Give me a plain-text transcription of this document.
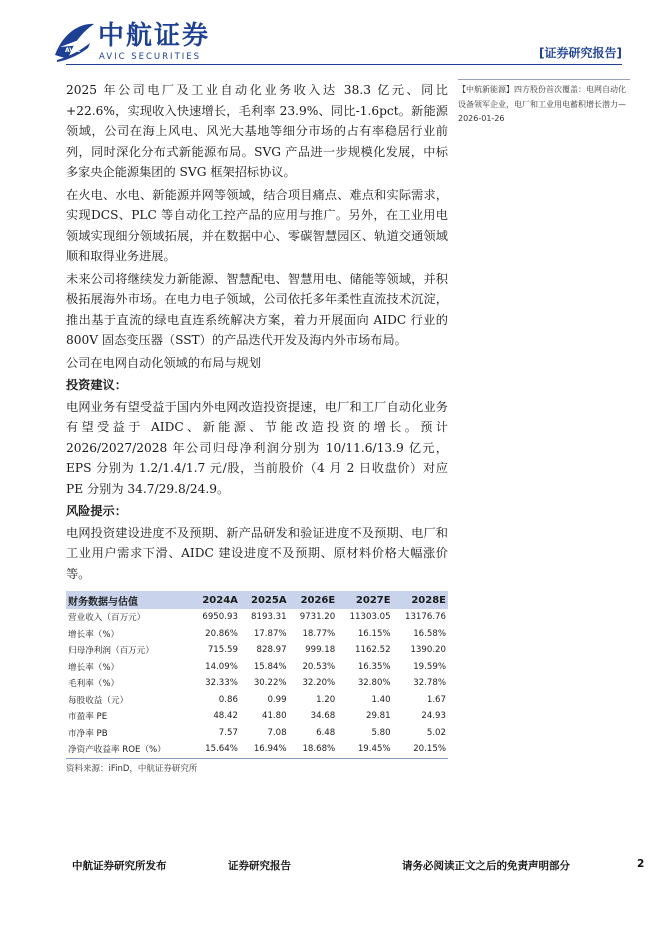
AVIC 中航证券
AVIC SECURITIES	[证券研究报告]

2025 年公司电厂及工业自动化业务收入达 38.3 亿元、同比+22.6%，实现收入快速增长，毛利率 23.9%、同比-1.6pct。新能源领域，公司在海上风电、风光大基地等细分市场的占有率稳居行业前列，同时深化分布式新能源布局。SVG 产品进一步规模化发展，中标多家央企能源集团的 SVG 框架招标协议。

在火电、水电、新能源并网等领域，结合项目痛点、难点和实际需求，实现DCS、PLC 等自动化工控产品的应用与推广。另外，在工业用电领域实现细分领域拓展，并在数据中心、零碳智慧园区、轨道交通领域顺和取得业务进展。

未来公司将继续发力新能源、智慧配电、智慧用电、储能等领域，并积极拓展海外市场。在电力电子领域，公司依托多年柔性直流技术沉淀，推出基于直流的绿电直连系统解决方案，着力开展面向 AIDC 行业的 800V 固态变压器（SST）的产品迭代开发及海内外市场布局。

公司在电网自动化领域的布局与规划
投资建议：

电网业务有望受益于国内外电网改造投资提速，电厂和工厂自动化业务有望受益于 AIDC、新能源、节能改造投资的增长。预计 2026/2027/2028 年公司归母净利润分别为 10/11.6/13.9 亿元，EPS 分别为 1.2/1.4/1.7 元/股，当前股价（4 月 2 日收盘价）对应 PE 分别为 34.7/29.8/24.9。

风险提示：

电网投资建设进度不及预期、新产品研发和验证进度不及预期、电厂和工业用户需求下滑、AIDC 建设进度不及预期、原材料价格大幅涨价等。

财务数据与估值	2024A	2025A	2026E	2027E	2028E
营业收入（百万元）	6950.93	8193.31	9731.20	11303.05	13176.76
增长率（%）	20.86%	17.87%	18.77%	16.15%	16.58%
归母净利润（百万元）	715.59	828.97	999.18	1162.52	1390.20
增长率（%）	14.09%	15.84%	20.53%	16.35%	19.59%
毛利率（%）	32.33%	30.22%	32.20%	32.80%	32.78%
每股收益（元）	0.86	0.99	1.20	1.40	1.67
市盈率 PE	48.42	41.80	34.68	29.81	24.93
市净率 PB	7.57	7.08	6.48	5.80	5.02
净资产收益率 ROE（%）	15.64%	16.94%	18.68%	19.45%	20.15%
资料来源：iFinD，中航证券研究所
【中航新能源】四方股份首次覆盖：电网自动化设备领军企业，电厂和工业用电蓄积增长潜力—2026-01-26
中航证券研究所发布	证券研究报告	请务必阅读正文之后的免责声明部分	2
